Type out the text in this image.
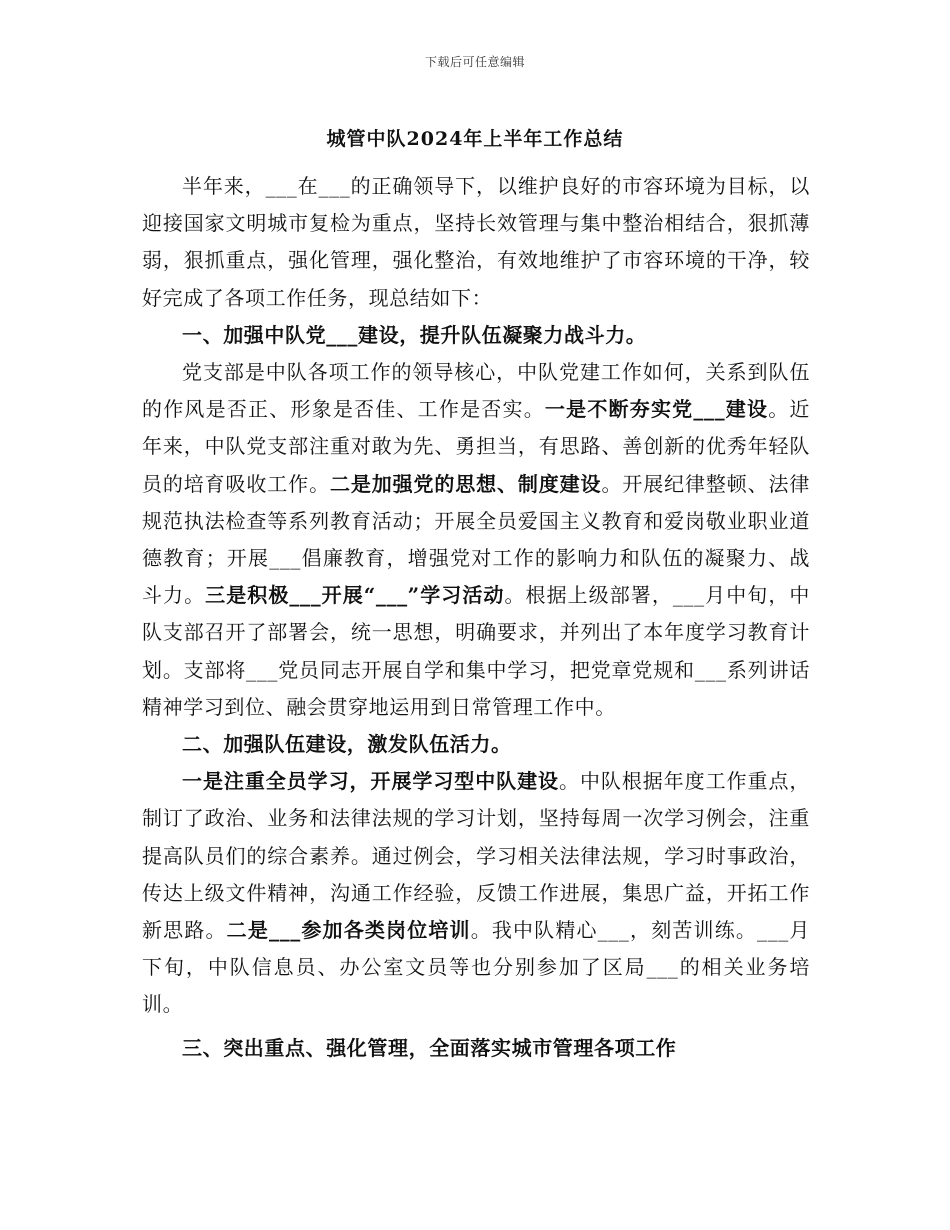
下载后可任意编辑
城管中队2024年上半年工作总结

半年来，___在___的正确领导下，以维护良好的市容环境为目标，以迎接国家文明城市复检为重点，坚持长效管理与集中整治相结合，狠抓薄弱，狠抓重点，强化管理，强化整治，有效地维护了市容环境的干净，较好完成了各项工作任务，现总结如下：

一、加强中队党___建设，提升队伍凝聚力战斗力。

党支部是中队各项工作的领导核心，中队党建工作如何，关系到队伍的作风是否正、形象是否佳、工作是否实。一是不断夯实党___建设。近年来，中队党支部注重对敢为先、勇担当，有思路、善创新的优秀年轻队员的培育吸收工作。二是加强党的思想、制度建设。开展纪律整顿、法律规范执法检查等系列教育活动；开展全员爱国主义教育和爱岗敬业职业道德教育；开展___倡廉教育，增强党对工作的影响力和队伍的凝聚力、战斗力。三是积极___开展“___”学习活动。根据上级部署，___月中旬，中队支部召开了部署会，统一思想，明确要求，并列出了本年度学习教育计划。支部将___党员同志开展自学和集中学习，把党章党规和___系列讲话精神学习到位、融会贯穿地运用到日常管理工作中。

二、加强队伍建设，激发队伍活力。

一是注重全员学习，开展学习型中队建设。中队根据年度工作重点，制订了政治、业务和法律法规的学习计划，坚持每周一次学习例会，注重提高队员们的综合素养。通过例会，学习相关法律法规，学习时事政治，传达上级文件精神，沟通工作经验，反馈工作进展，集思广益，开拓工作新思路。二是___参加各类岗位培训。我中队精心___，刻苦训练。___月下旬，中队信息员、办公室文员等也分别参加了区局___的相关业务培训。

三、突出重点、强化管理，全面落实城市管理各项工作
